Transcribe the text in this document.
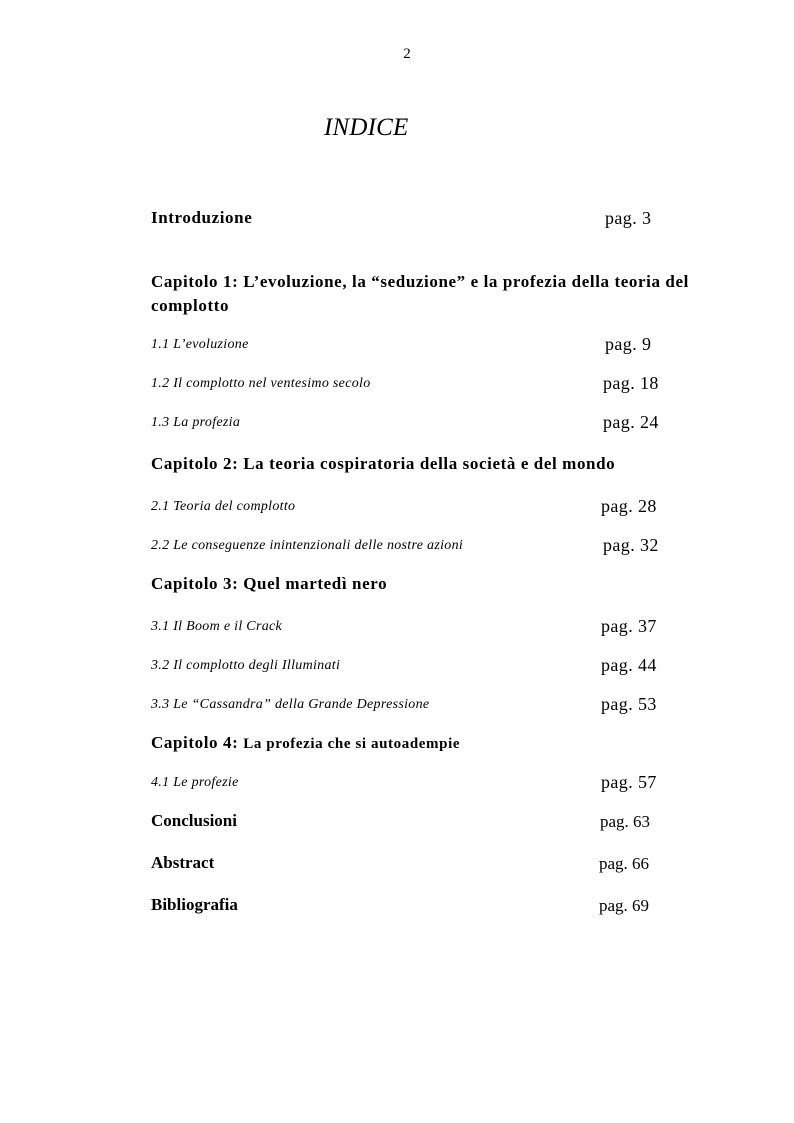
2
INDICE
Introduzione	pag. 3
Capitolo 1: L’evoluzione, la “seduzione” e la profezia della teoria del complotto
1.1 L’evoluzione	pag. 9
1.2 Il complotto nel ventesimo secolo	pag. 18
1.3 La profezia	pag. 24
Capitolo 2: La teoria cospiratoria della società e del mondo
2.1 Teoria del complotto	pag. 28
2.2 Le conseguenze inintenzionali delle nostre azioni	pag. 32
Capitolo 3: Quel martedì nero
3.1 Il Boom e il Crack	pag. 37
3.2 Il complotto degli Illuminati	pag. 44
3.3 Le “Cassandra” della Grande Depressione	pag. 53
Capitolo 4: La profezia che si autoadempie
4.1 Le profezie	pag. 57
Conclusioni	pag. 63
Abstract	pag. 66
Bibliografia	pag. 69
